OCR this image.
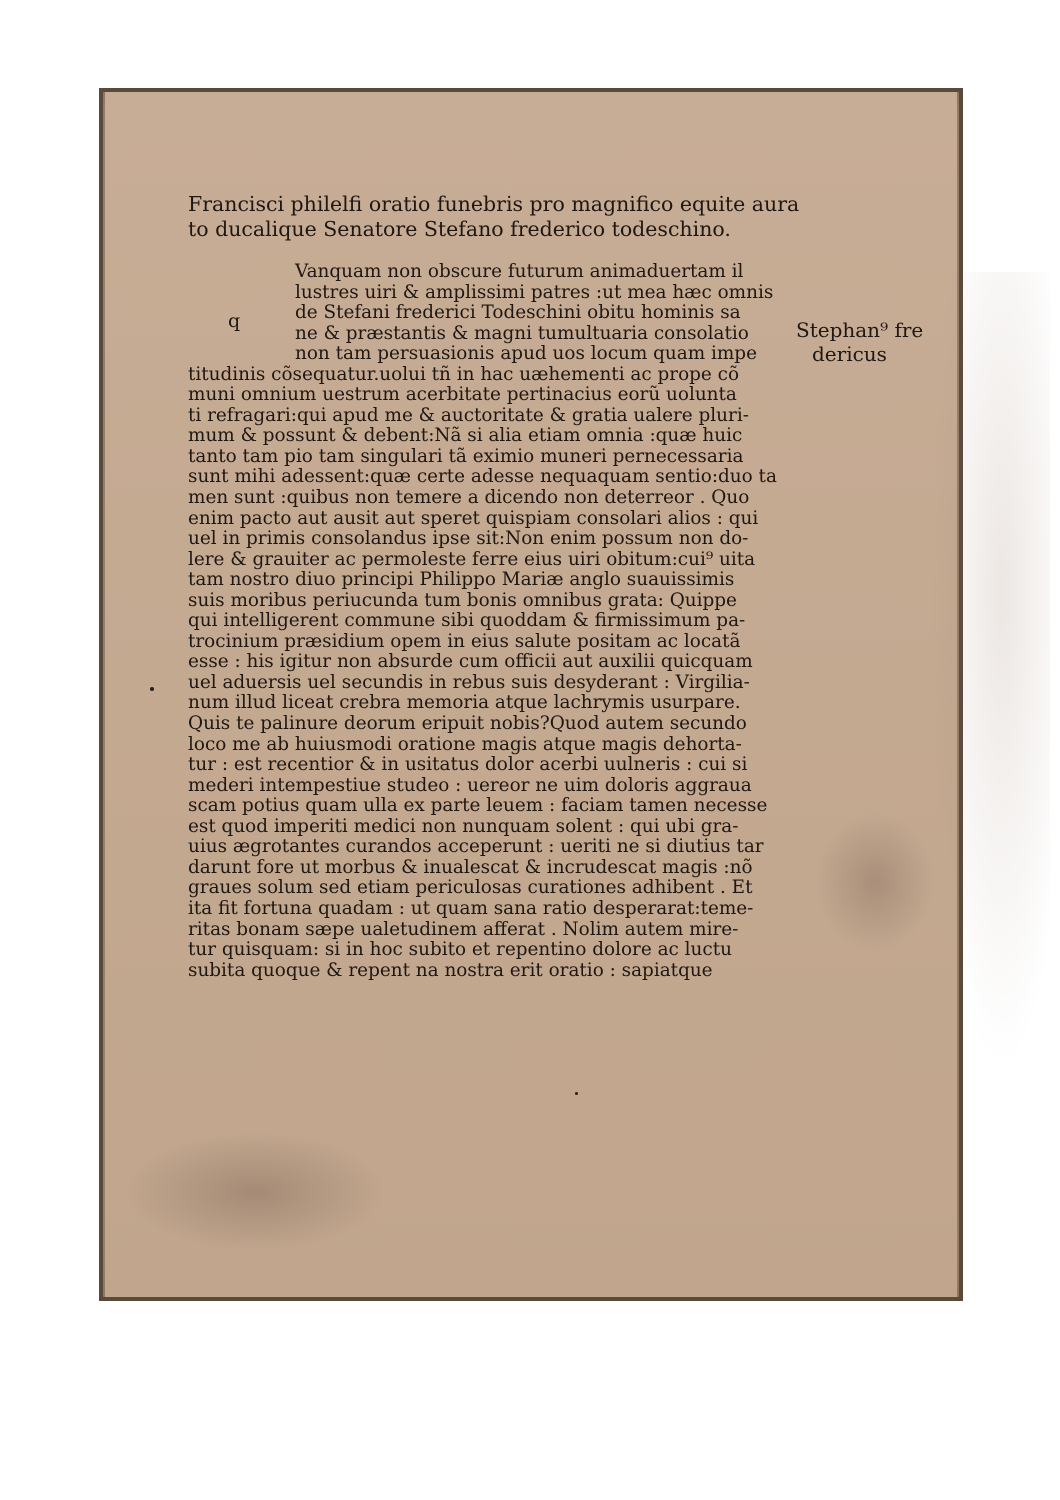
Francisci philelfi oratio funebris pro magnifico equite aura
to ducalique Senatore Stefano frederico todeschino.
q
Vanquam non obscure futurum animaduertam il
lustres uiri & amplissimi patres :ut mea hæc omnis
de Stefani frederici Todeschini obitu hominis sa
ne & præstantis & magni tumultuaria consolatio
non tam persuasionis apud uos locum quam impe
titudinis cõsequatur.uolui tñ in hac uæhementi ac prope cõ
muni omnium uestrum acerbitate pertinacius eorũ uolunta
ti refragari:qui apud me & auctoritate & gratia ualere pluri-
mum & possunt & debent:Nã si alia etiam omnia :quæ huic
tanto tam pio tam singulari tã eximio muneri pernecessaria
sunt mihi adessent:quæ certe adesse nequaquam sentio:duo ta
men sunt :quibus non temere a dicendo non deterreor . Quo
enim pacto aut ausit aut speret quispiam consolari alios : qui
uel in primis consolandus ipse sit:Non enim possum non do-
lere & grauiter ac permoleste ferre eius uiri obitum:cui⁹ uita
tam nostro diuo principi Philippo Mariæ anglo suauissimis
suis moribus periucunda tum bonis omnibus grata: Quippe
qui intelligerent commune sibi quoddam & firmissimum pa-
trocinium præsidium opem in eius salute positam ac locatã
esse : his igitur non absurde cum officii aut auxilii quicquam
uel aduersis uel secundis in rebus suis desyderant : Virgilia-
num illud liceat crebra memoria atque lachrymis usurpare.
Quis te palinure deorum eripuit nobis?Quod autem secundo
loco me ab huiusmodi oratione magis atque magis dehorta-
tur : est recentior & in usitatus dolor acerbi uulneris : cui si
mederi intempestiue studeo : uereor ne uim doloris aggraua
scam potius quam ulla ex parte leuem : faciam tamen necesse
est quod imperiti medici non nunquam solent : qui ubi gra-
uius ægrotantes curandos acceperunt : ueriti ne si diutius tar
darunt fore ut morbus & inualescat & incrudescat magis :nõ
graues solum sed etiam periculosas curationes adhibent . Et
ita fit fortuna quadam : ut quam sana ratio desperarat:teme-
ritas bonam sæpe ualetudinem afferat . Nolim autem mire-
tur quisquam: si in hoc subito et repentino dolore ac luctu
subita quoque & repent na nostra erit oratio : sapiatque
Stephan⁹ fre
dericus
